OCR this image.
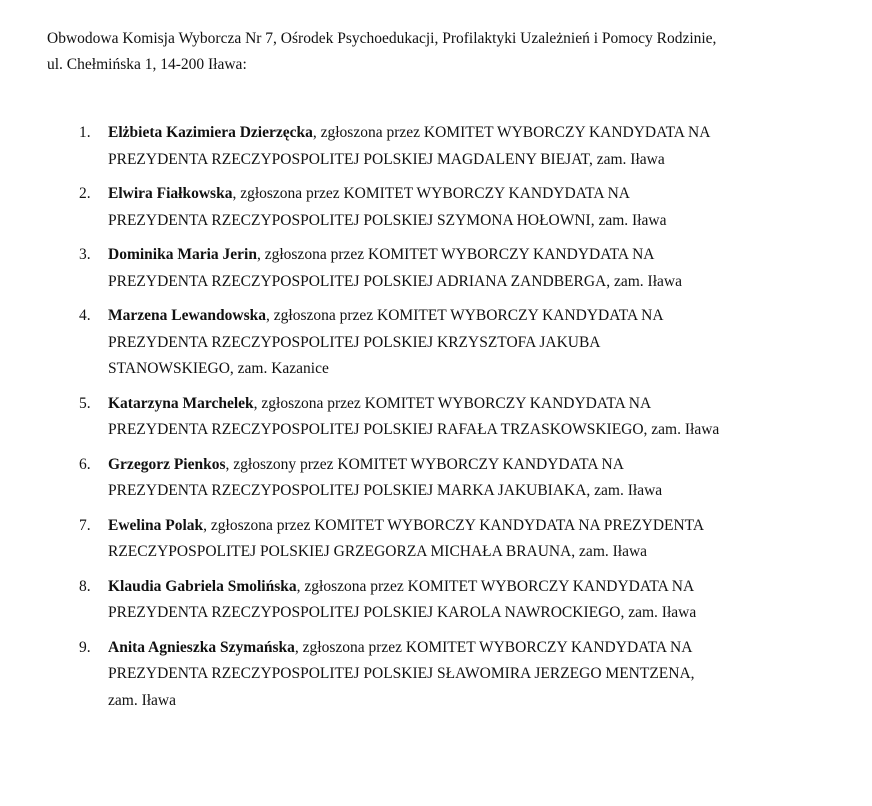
Obwodowa Komisja Wyborcza Nr 7, Ośrodek Psychoedukacji, Profilaktyki Uzależnień i Pomocy Rodzinie,
ul. Chełmińska 1, 14-200 Iława:

1. Elżbieta Kazimiera Dzierzęcka, zgłoszona przez KOMITET WYBORCZY KANDYDATA NA
PREZYDENTA RZECZYPOSPOLITEJ POLSKIEJ MAGDALENY BIEJAT, zam. Iława
2. Elwira Fiałkowska, zgłoszona przez KOMITET WYBORCZY KANDYDATA NA
PREZYDENTA RZECZYPOSPOLITEJ POLSKIEJ SZYMONA HOŁOWNI, zam. Iława
3. Dominika Maria Jerin, zgłoszona przez KOMITET WYBORCZY KANDYDATA NA
PREZYDENTA RZECZYPOSPOLITEJ POLSKIEJ ADRIANA ZANDBERGA, zam. Iława
4. Marzena Lewandowska, zgłoszona przez KOMITET WYBORCZY KANDYDATA NA
PREZYDENTA RZECZYPOSPOLITEJ POLSKIEJ KRZYSZTOFA JAKUBA
STANOWSKIEGO, zam. Kazanice
5. Katarzyna Marchelek, zgłoszona przez KOMITET WYBORCZY KANDYDATA NA
PREZYDENTA RZECZYPOSPOLITEJ POLSKIEJ RAFAŁA TRZASKOWSKIEGO, zam. Iława
6. Grzegorz Pienkos, zgłoszony przez KOMITET WYBORCZY KANDYDATA NA
PREZYDENTA RZECZYPOSPOLITEJ POLSKIEJ MARKA JAKUBIAKA, zam. Iława
7. Ewelina Polak, zgłoszona przez KOMITET WYBORCZY KANDYDATA NA PREZYDENTA
RZECZYPOSPOLITEJ POLSKIEJ GRZEGORZA MICHAŁA BRAUNA, zam. Iława
8. Klaudia Gabriela Smolińska, zgłoszona przez KOMITET WYBORCZY KANDYDATA NA
PREZYDENTA RZECZYPOSPOLITEJ POLSKIEJ KAROLA NAWROCKIEGO, zam. Iława
9. Anita Agnieszka Szymańska, zgłoszona przez KOMITET WYBORCZY KANDYDATA NA
PREZYDENTA RZECZYPOSPOLITEJ POLSKIEJ SŁAWOMIRA JERZEGO MENTZENA,
zam. Iława
